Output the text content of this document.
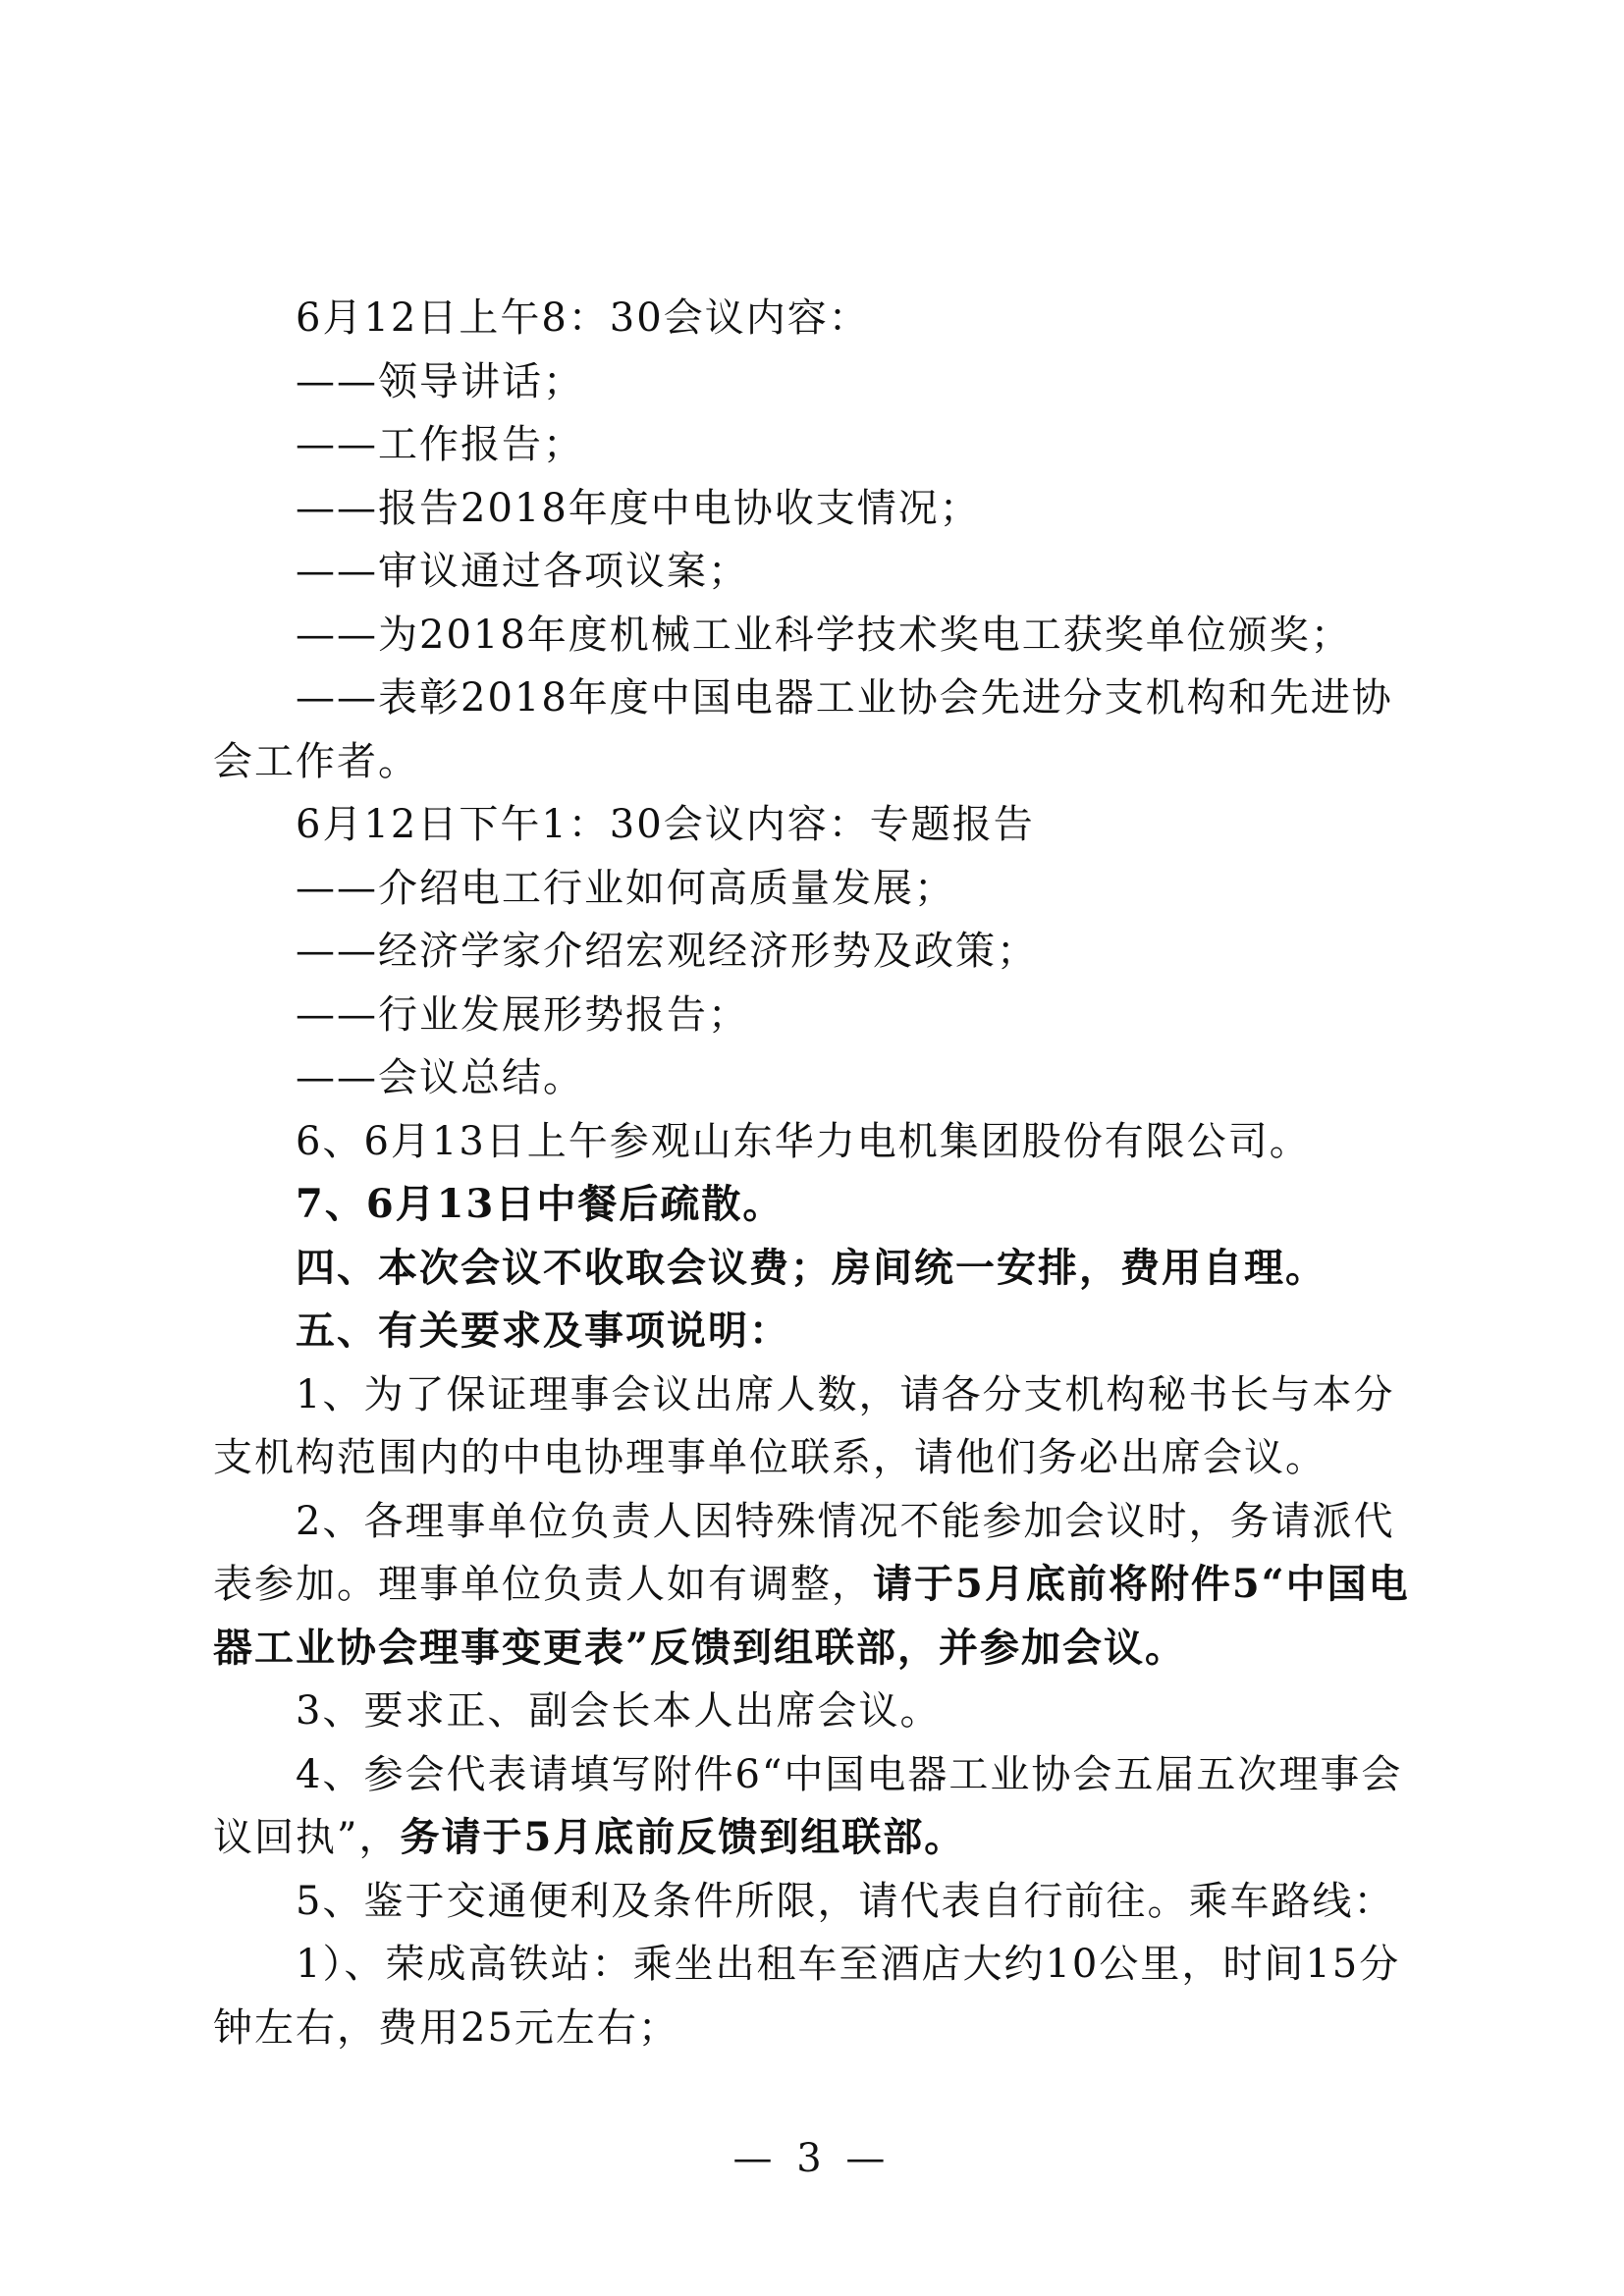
6月12日上午8：30会议内容：

——领导讲话；

——工作报告；

——报告2018年度中电协收支情况；

——审议通过各项议案；

——为2018年度机械工业科学技术奖电工获奖单位颁奖；

——表彰2018年度中国电器工业协会先进分支机构和先进协会工作者。

6月12日下午1：30会议内容：专题报告

——介绍电工行业如何高质量发展；

——经济学家介绍宏观经济形势及政策；

——行业发展形势报告；

——会议总结。

6、6月13日上午参观山东华力电机集团股份有限公司。

7、6月13日中餐后疏散。

四、本次会议不收取会议费；房间统一安排，费用自理。

五、有关要求及事项说明：

1、为了保证理事会议出席人数，请各分支机构秘书长与本分支机构范围内的中电协理事单位联系，请他们务必出席会议。

2、各理事单位负责人因特殊情况不能参加会议时，务请派代表参加。理事单位负责人如有调整，请于5月底前将附件5“中国电器工业协会理事变更表”反馈到组联部，并参加会议。

3、要求正、副会长本人出席会议。

4、参会代表请填写附件6“中国电器工业协会五届五次理事会议回执”，务请于5月底前反馈到组联部。

5、鉴于交通便利及条件所限，请代表自行前往。乘车路线：

1）、荣成高铁站：乘坐出租车至酒店大约10公里，时间15分钟左右，费用25元左右；

— 3 —
